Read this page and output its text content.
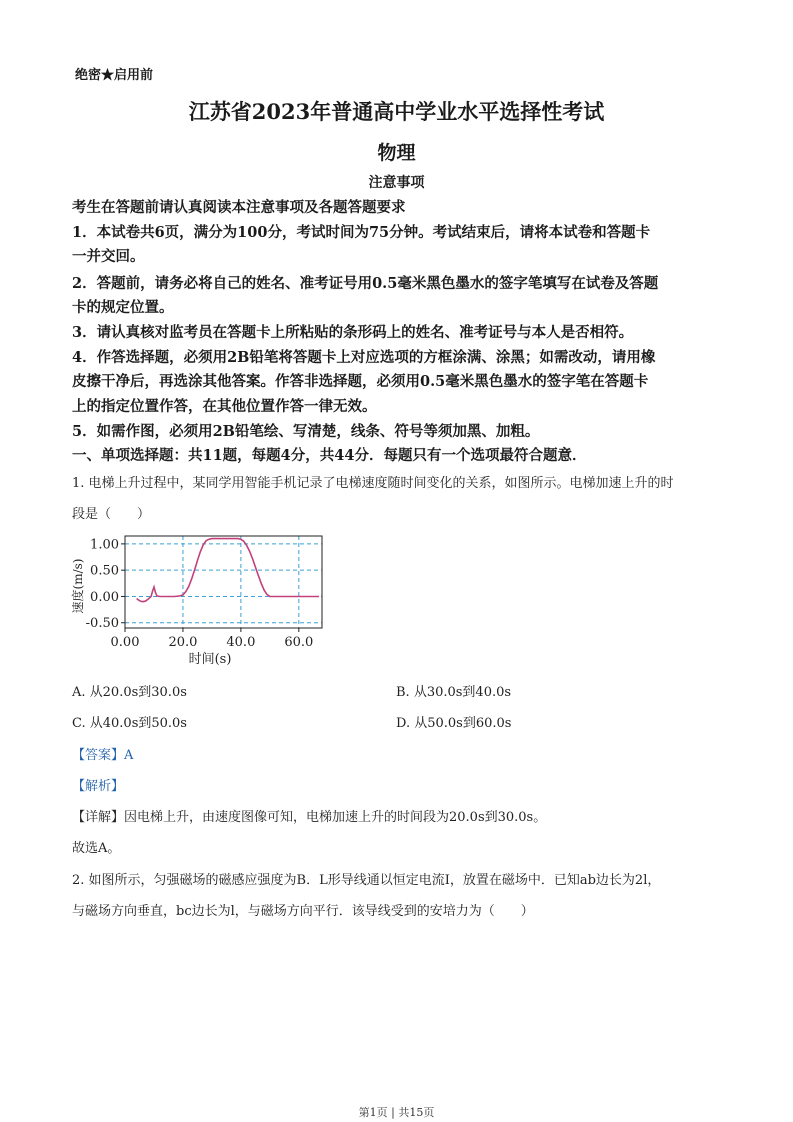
绝密★启用前
江苏省2023年普通高中学业水平选择性考试
物理
注意事项
考生在答题前请认真阅读本注意事项及各题答题要求
1．本试卷共6页，满分为100分，考试时间为75分钟。考试结束后，请将本试卷和答题卡
一并交回。
2．答题前，请务必将自己的姓名、准考证号用0.5毫米黑色墨水的签字笔填写在试卷及答题
卡的规定位置。
3．请认真核对监考员在答题卡上所粘贴的条形码上的姓名、准考证号与本人是否相符。
4．作答选择题，必须用2B铅笔将答题卡上对应选项的方框涂满、涂黑；如需改动，请用橡
皮擦干净后，再选涂其他答案。作答非选择题，必须用0.5毫米黑色墨水的签字笔在答题卡
上的指定位置作答，在其他位置作答一律无效。
5．如需作图，必须用2B铅笔绘、写清楚，线条、符号等须加黑、加粗。
一、单项选择题：共11题，每题4分，共44分．每题只有一个选项最符合题意．
1. 电梯上升过程中，某同学用智能手机记录了电梯速度随时间变化的关系，如图所示。电梯加速上升的时
段是（　　）
0.00 20.0 40.0 60.0
1.00
0.50
0.00
-0.50
时间(s)
速度(m/s)
A. 从20.0s到30.0s	B. 从30.0s到40.0s
C. 从40.0s到50.0s	D. 从50.0s到60.0s
【答案】A
【解析】
【详解】因电梯上升，由速度图像可知，电梯加速上升的时间段为20.0s到30.0s。
故选A。
2. 如图所示，匀强磁场的磁感应强度为B．L形导线通以恒定电流I，放置在磁场中．已知ab边长为2l，
与磁场方向垂直，bc边长为l，与磁场方向平行．该导线受到的安培力为（　　）
第1页 | 共15页
